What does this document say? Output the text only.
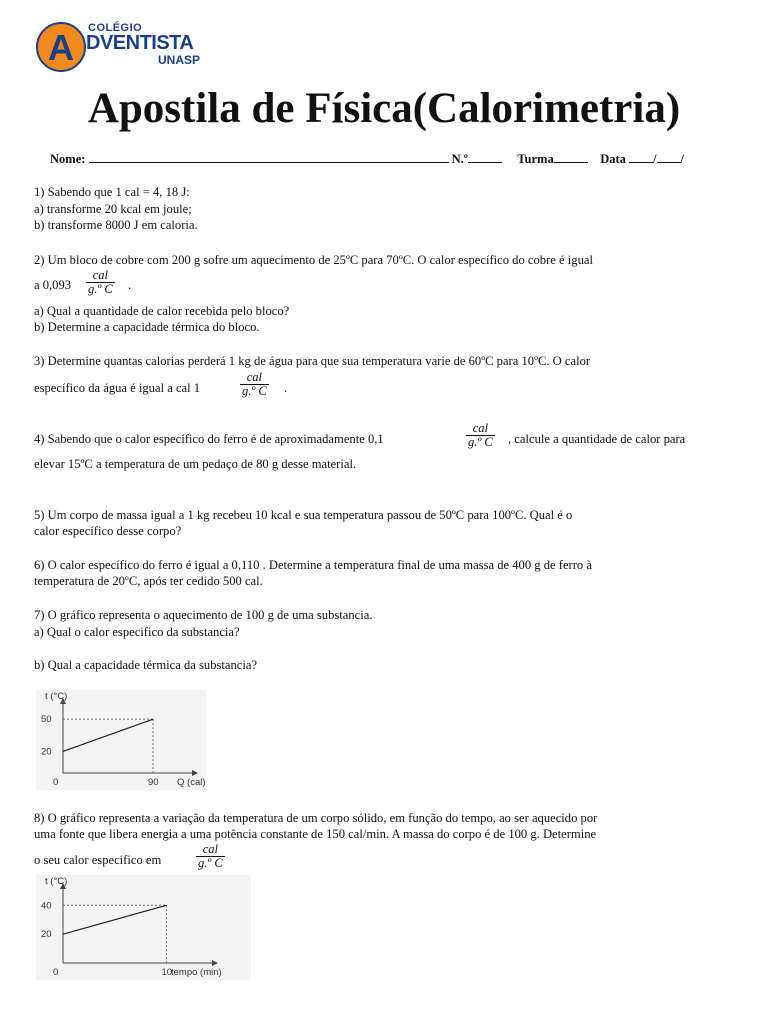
A COLÉGIO
DVENTISTA
UNASP
Apostila de Física(Calorimetria)
Nome:	N.º	Turma	Data / /
1) Sabendo que 1 cal = 4, 18 J:
a) transforme 20 kcal em joule;
b) transforme 8000 J em caloria.
2) Um bloco de cobre com 200 g sofre um aquecimento de 25ºC para 70ºC. O calor específico do cobre é igual
a 0,093
cal
g.º C .
a) Qual a quantidade de calor recebida pelo bloco?
b) Determine a capacidade térmica do bloco.
3) Determine quantas calorias perderá 1 kg de água para que sua temperatura varie de 60ºC para 10ºC. O calor
específico da água é igual a cal 1
cal
g.º C .
4) Sabendo que o calor específico do ferro é de aproximadamente 0,1
cal
g.º C , calcule a quantidade de calor para
elevar 15ºC a temperatura de um pedaço de 80 g desse material.
5) Um corpo de massa igual a 1 kg recebeu 10 kcal e sua temperatura passou de 50ºC para 100ºC. Qual é o
calor específico desse corpo?
6) O calor específico do ferro é igual a 0,110 . Determine a temperatura final de uma massa de 400 g de ferro à
temperatura de 20ºC, após ter cedido 500 cal.
7) O gráfico representa o aquecimento de 100 g de uma substancia.
a) Qual o calor especifico da substancia?
b) Qual a capacidade térmica da substancia?
t (°C)
Q (cal)
0
20
50
90
8) O gráfico representa a variação da temperatura de um corpo sólido, em função do tempo, ao ser aquecido por
uma fonte que libera energia a uma potência constante de 150 cal/min. A massa do corpo é de 100 g. Determine
o seu calor especifico em
cal
g.º C
t (°C)
tempo (min)
0
20
40
10
